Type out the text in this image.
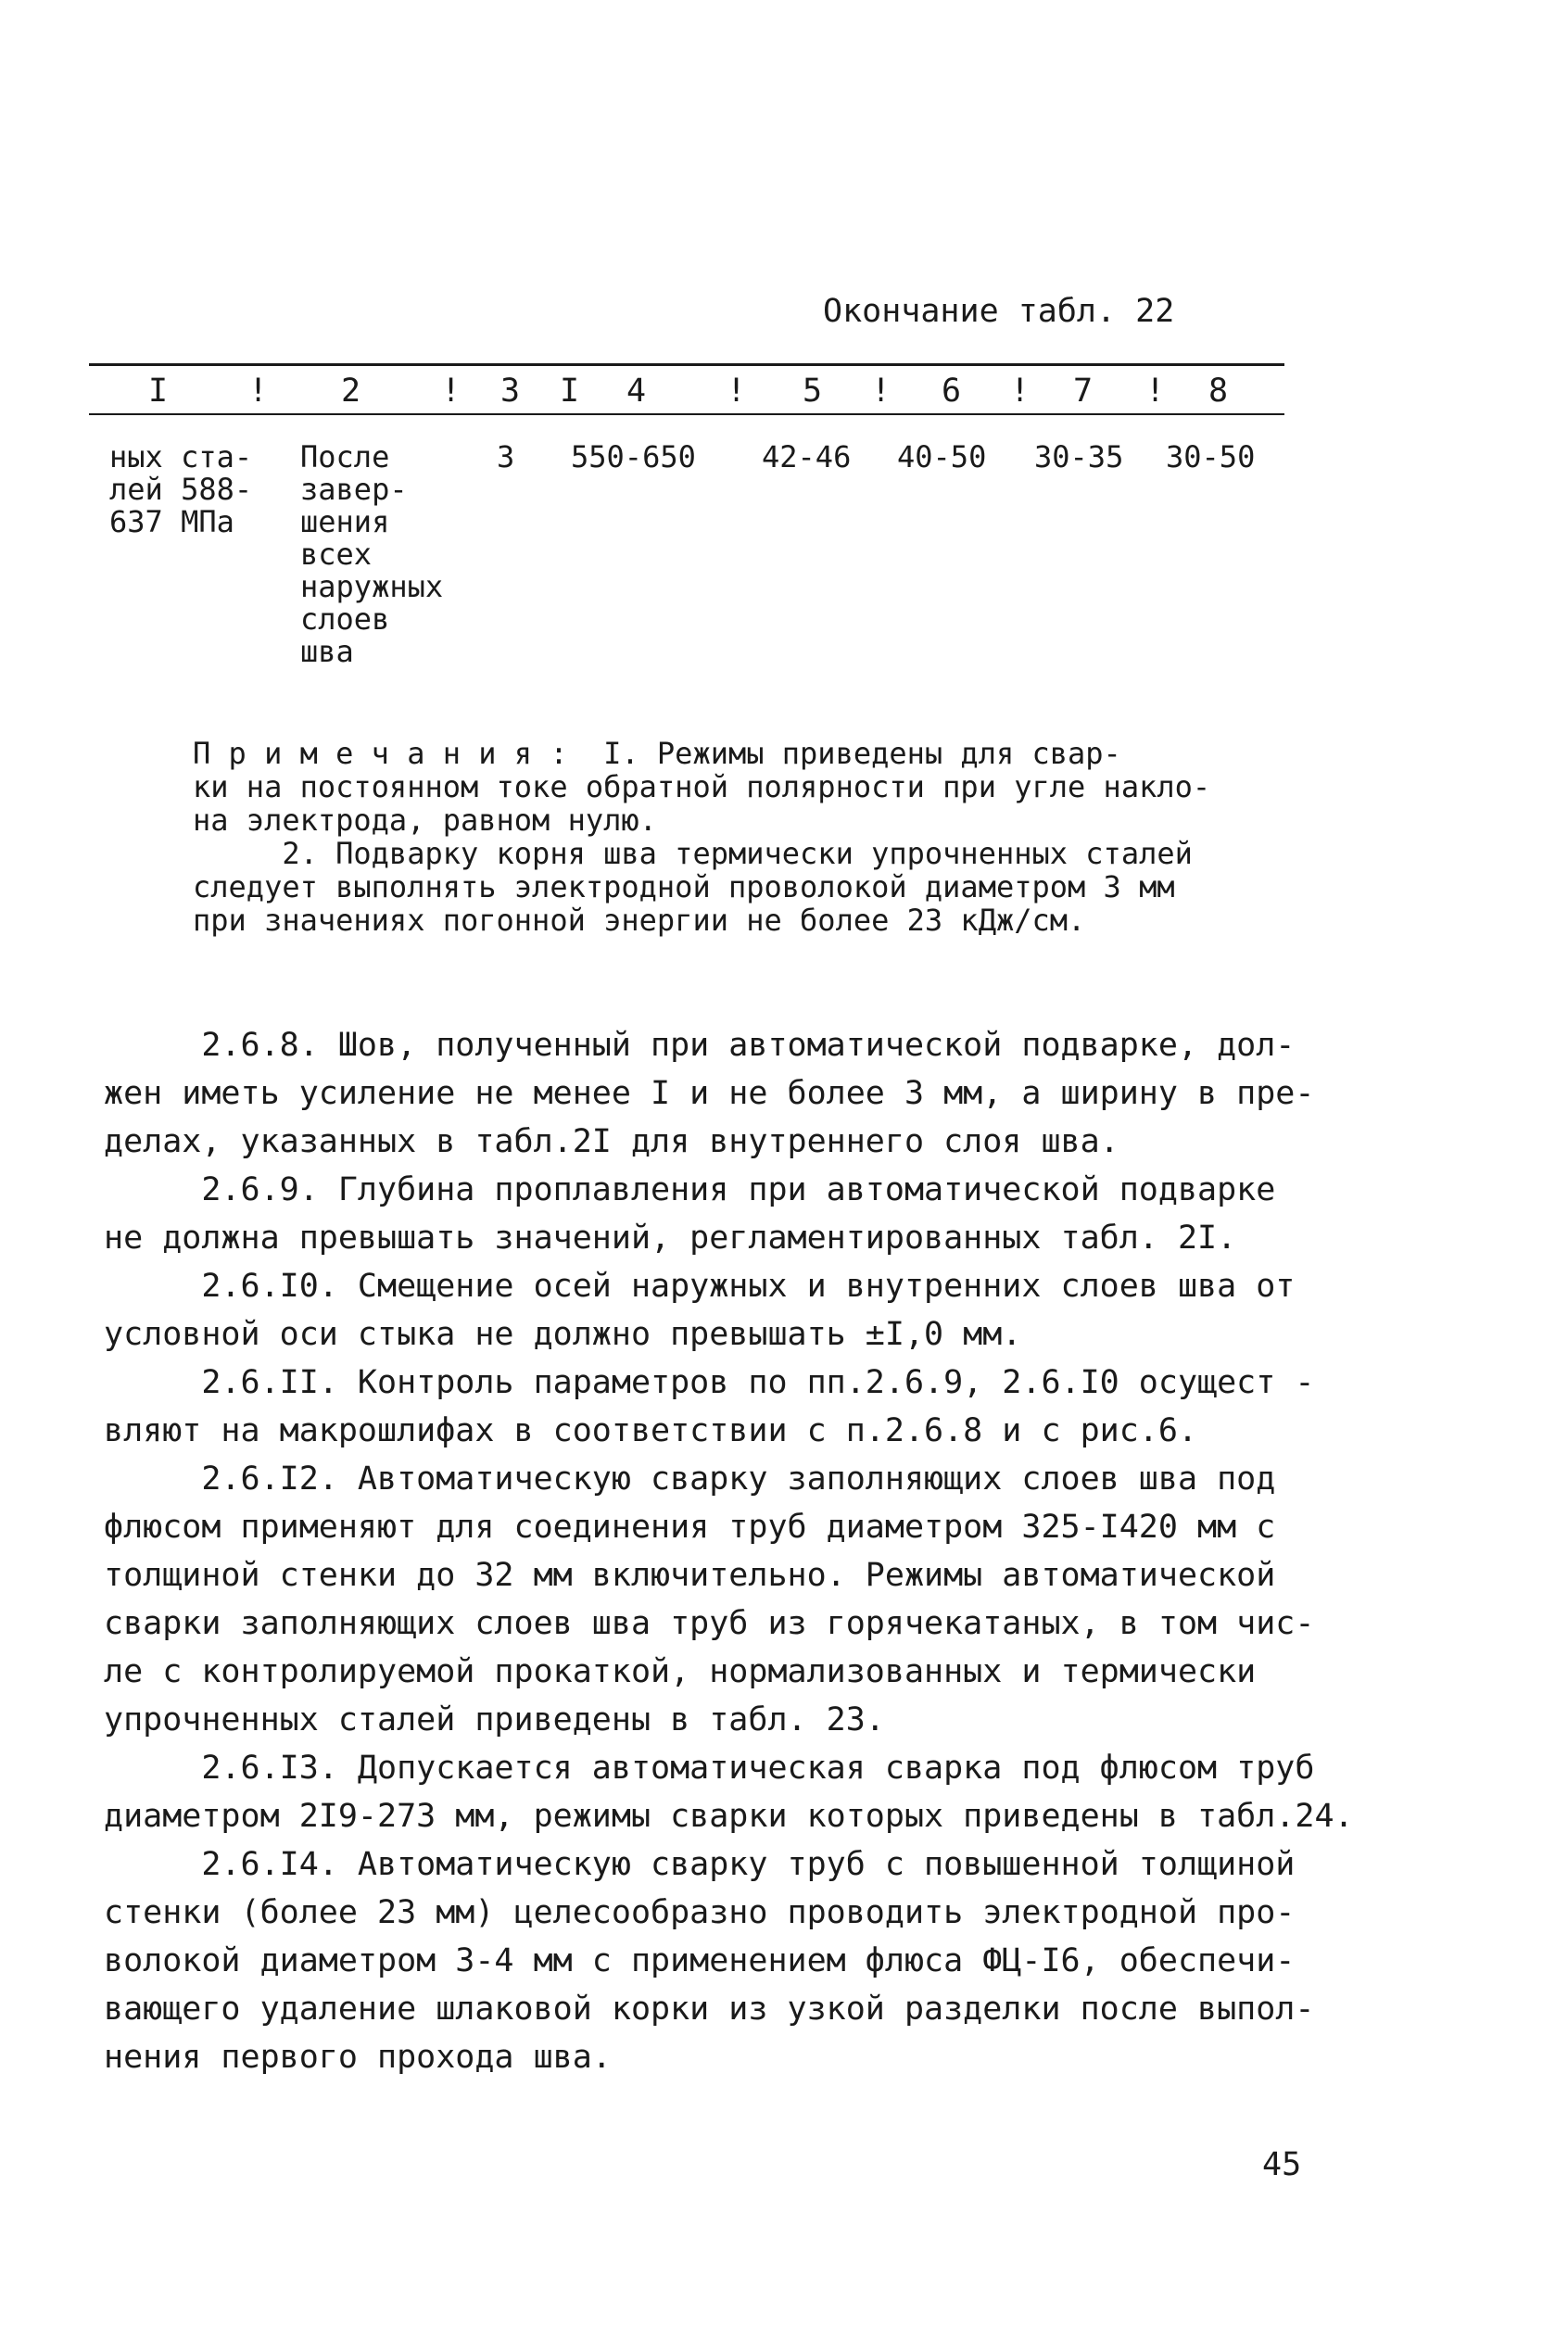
Окончание табл. 22
I ! 2 ! 3 I 4 ! 5 ! 6 ! 7 ! 8
ных ста-
лей 588-
637 МПа
После
завер-
шения
всех
наружных
слоев
шва
3 550-650 42-46 40-50 30-35 30-50
П р и м е ч а н и я :  I. Режимы приведены для свар-
ки на постоянном токе обратной полярности при угле накло-
на электрода, равном нулю.
2. Подварку корня шва термически упрочненных сталей
следует выполнять электродной проволокой диаметром 3 мм
при значениях погонной энергии не более 23 кДж/см.

2.6.8. Шов, полученный при автоматической подварке, дол-
жен иметь усиление не менее I и не более 3 мм, а ширину в пре-
делах, указанных в табл.2I для внутреннего слоя шва.

2.6.9. Глубина проплавления при автоматической подварке
не должна превышать значений, регламентированных табл. 2I.

2.6.I0. Смещение осей наружных и внутренних слоев шва от
условной оси стыка не должно превышать ±I,0 мм.

2.6.II. Контроль параметров по пп.2.6.9, 2.6.I0 осущест -
вляют на макрошлифах в соответствии с п.2.6.8 и с рис.6.

2.6.I2. Автоматическую сварку заполняющих слоев шва под
флюсом применяют для соединения труб диаметром 325-I420 мм с
толщиной стенки до 32 мм включительно. Режимы автоматической
сварки заполняющих слоев шва труб из горячекатаных, в том чис-
ле с контролируемой прокаткой, нормализованных и термически
упрочненных сталей приведены в табл. 23.

2.6.I3. Допускается автоматическая сварка под флюсом труб
диаметром 2I9-273 мм, режимы сварки которых приведены в табл.24.

2.6.I4. Автоматическую сварку труб с повышенной толщиной
стенки (более 23 мм) целесообразно проводить электродной про-
волокой диаметром 3-4 мм с применением флюса ФЦ-I6, обеспечи-
вающего удаление шлаковой корки из узкой разделки после выпол-
нения первого прохода шва.

45
